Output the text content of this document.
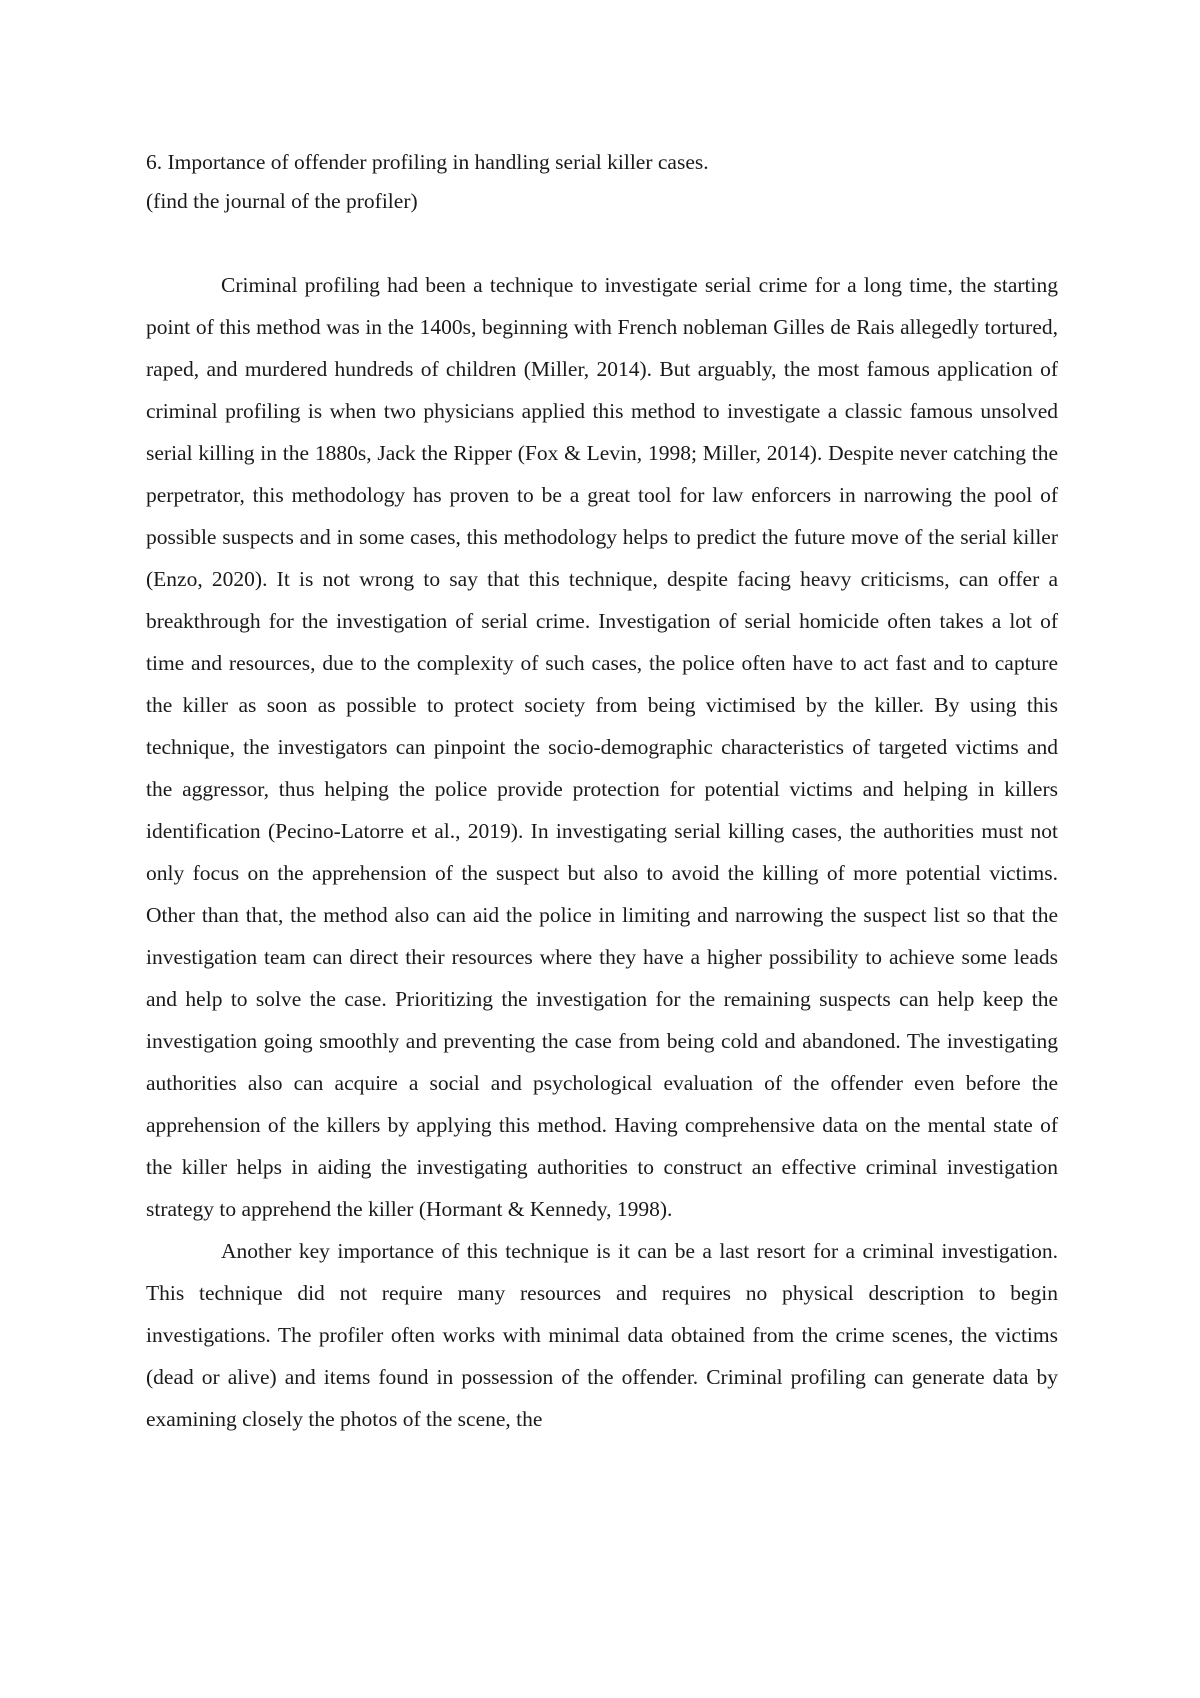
6. Importance of offender profiling in handling serial killer cases.

(find the journal of the profiler)

Criminal profiling had been a technique to investigate serial crime for a long time, the starting point of this method was in the 1400s, beginning with French nobleman Gilles de Rais allegedly tortured, raped, and murdered hundreds of children (Miller, 2014). But arguably, the most famous application of criminal profiling is when two physicians applied this method to investigate a classic famous unsolved serial killing in the 1880s, Jack the Ripper (Fox & Levin, 1998; Miller, 2014). Despite never catching the perpetrator, this methodology has proven to be a great tool for law enforcers in narrowing the pool of possible suspects and in some cases, this methodology helps to predict the future move of the serial killer (Enzo, 2020). It is not wrong to say that this technique, despite facing heavy criticisms, can offer a breakthrough for the investigation of serial crime. Investigation of serial homicide often takes a lot of time and resources, due to the complexity of such cases, the police often have to act fast and to capture the killer as soon as possible to protect society from being victimised by the killer. By using this technique, the investigators can pinpoint the socio-demographic characteristics of targeted victims and the aggressor, thus helping the police provide protection for potential victims and helping in killers identification (Pecino-Latorre et al., 2019). In investigating serial killing cases, the authorities must not only focus on the apprehension of the suspect but also to avoid the killing of more potential victims. Other than that, the method also can aid the police in limiting and narrowing the suspect list so that the investigation team can direct their resources where they have a higher possibility to achieve some leads and help to solve the case. Prioritizing the investigation for the remaining suspects can help keep the investigation going smoothly and preventing the case from being cold and abandoned. The investigating authorities also can acquire a social and psychological evaluation of the offender even before the apprehension of the killers by applying this method. Having comprehensive data on the mental state of the killer helps in aiding the investigating authorities to construct an effective criminal investigation strategy to apprehend the killer (Hormant & Kennedy, 1998).

Another key importance of this technique is it can be a last resort for a criminal investigation. This technique did not require many resources and requires no physical description to begin investigations. The profiler often works with minimal data obtained from the crime scenes, the victims (dead or alive) and items found in possession of the offender. Criminal profiling can generate data by examining closely the photos of the scene, the
